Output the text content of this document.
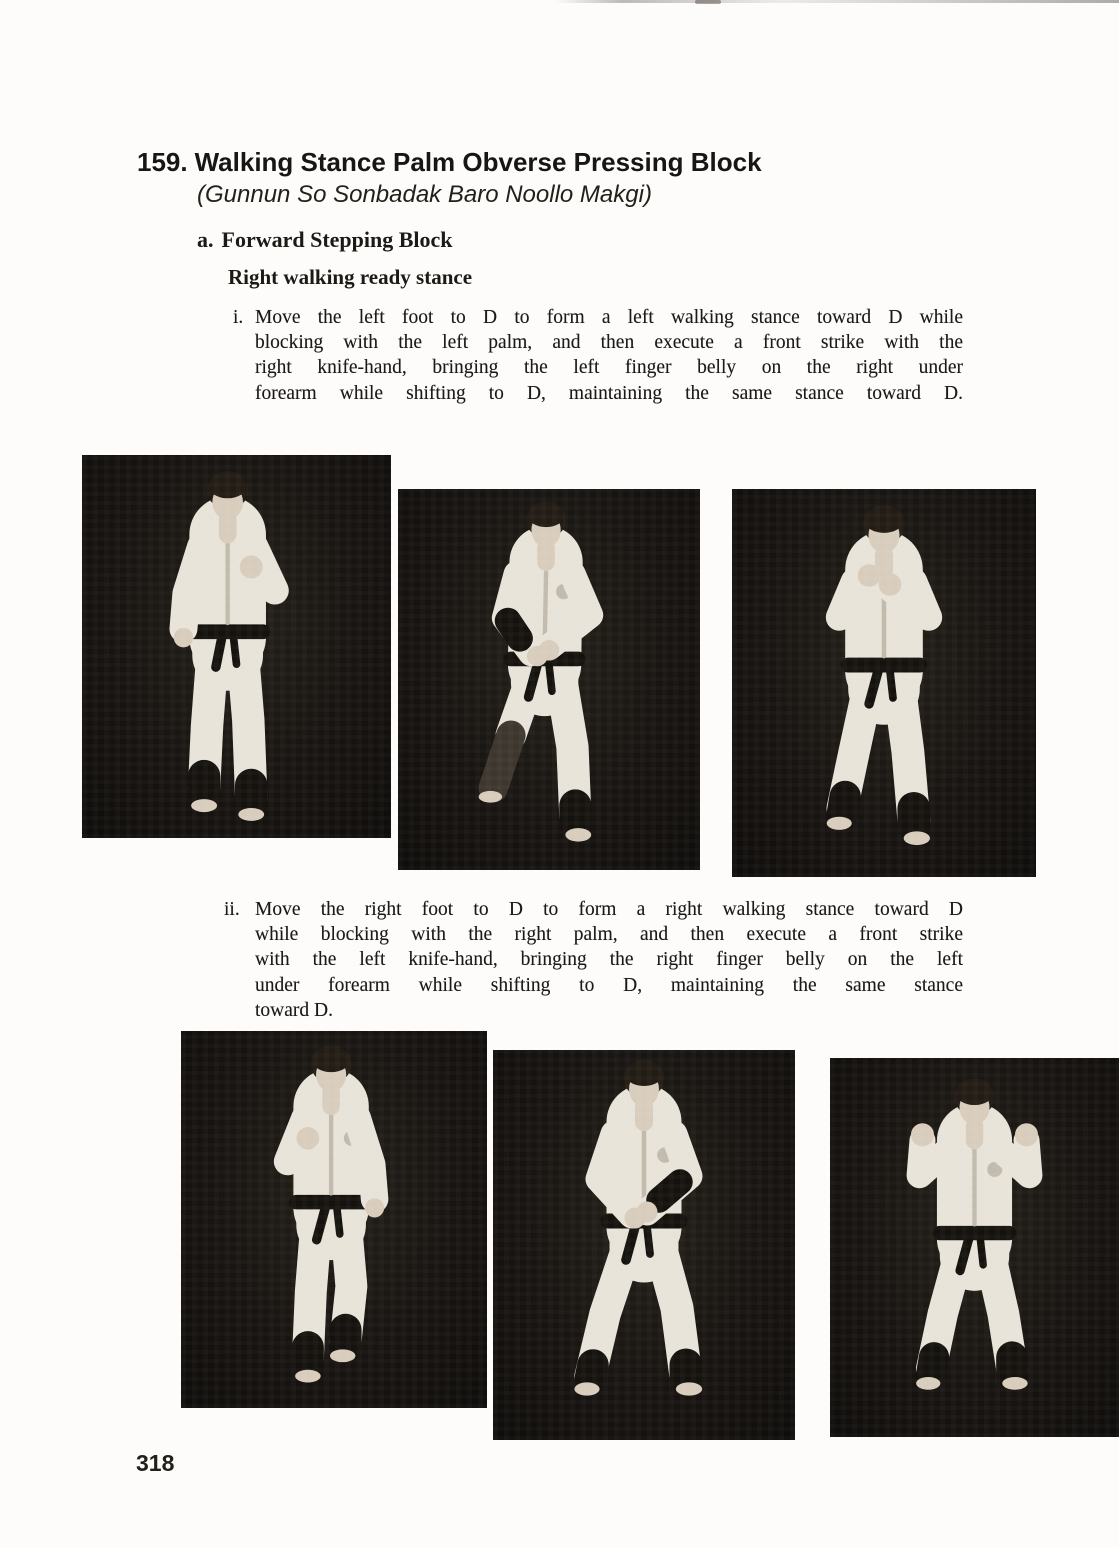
159. Walking Stance Palm Obverse Pressing Block
(Gunnun So Sonbadak Baro Noollo Makgi)
a. Forward Stepping Block
Right walking ready stance
i. Move the left foot to D to form a left walking stance toward D while
blocking with the left palm, and then execute a front strike with the
right knife-hand, bringing the left finger belly on the right under
forearm while shifting to D, maintaining the same stance toward D.
ii. Move the right foot to D to form a right walking stance toward D
while blocking with the right palm, and then execute a front strike
with the left knife-hand, bringing the right finger belly on the left
under forearm while shifting to D, maintaining the same stance
toward D.
318
